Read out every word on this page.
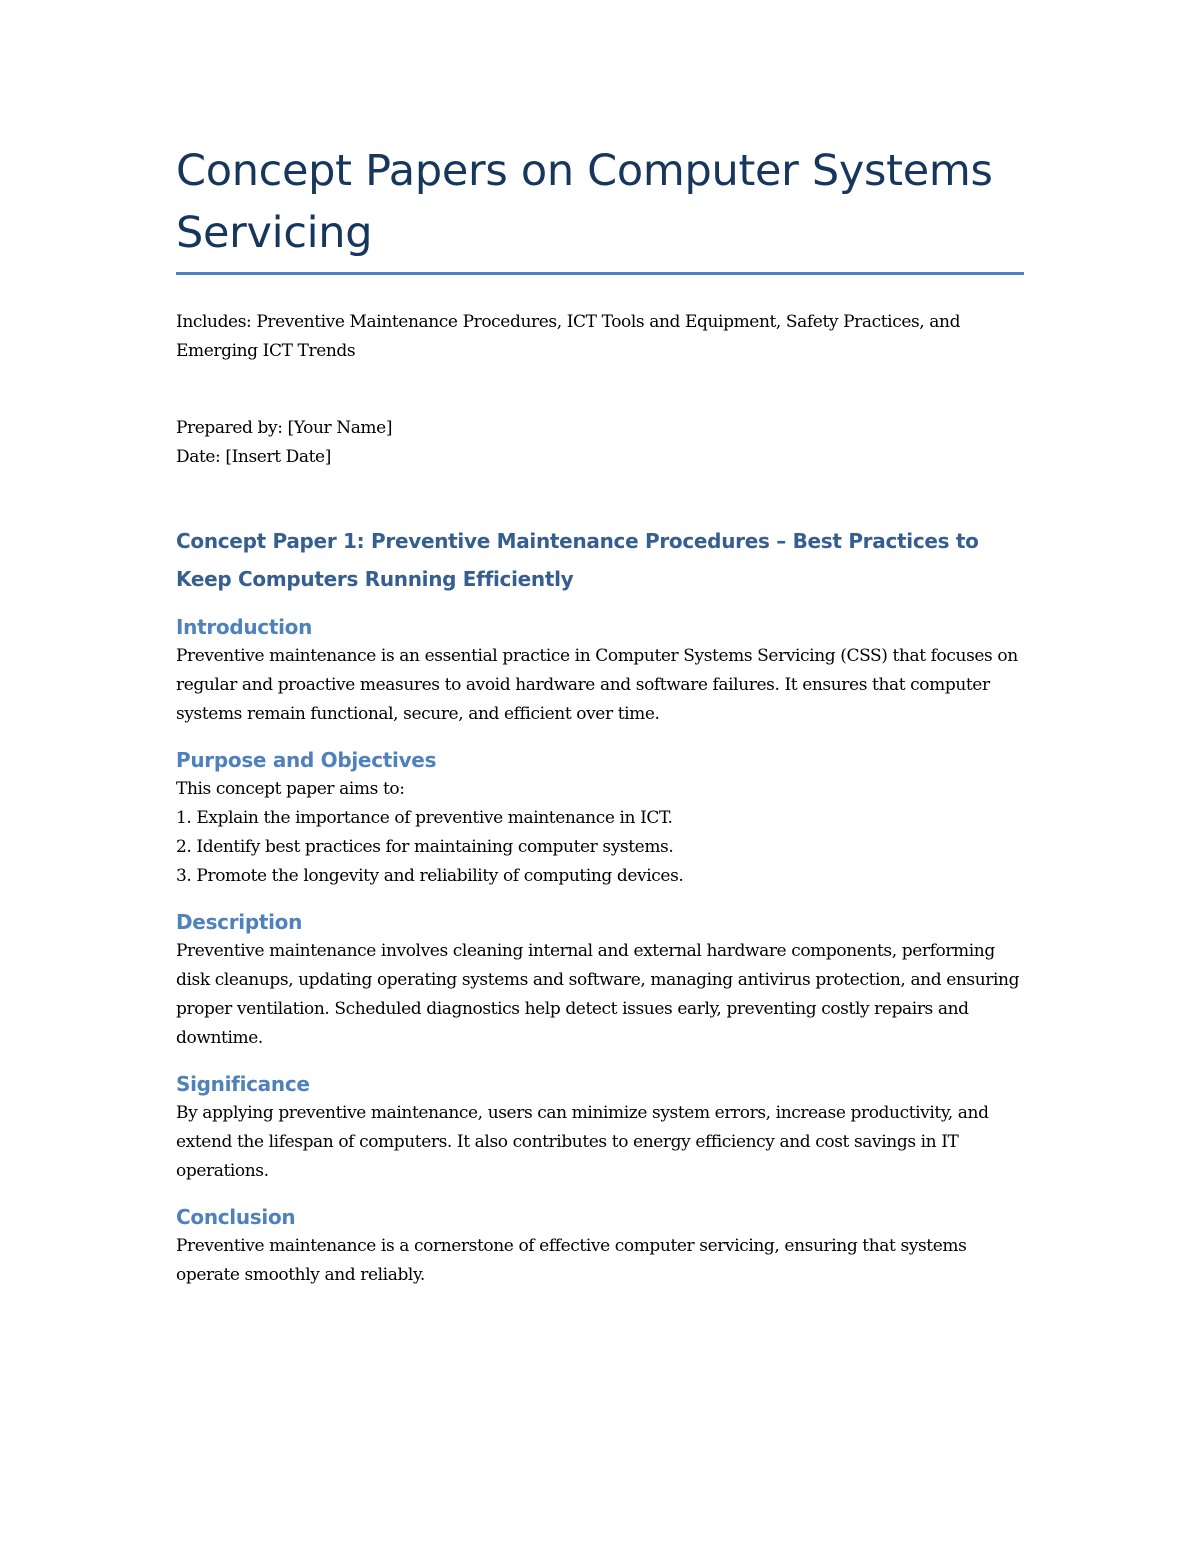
Concept Papers on Computer Systems Servicing

Includes: Preventive Maintenance Procedures, ICT Tools and Equipment, Safety Practices, and Emerging ICT Trends

Prepared by: [Your Name]

Date: [Insert Date]

Concept Paper 1: Preventive Maintenance Procedures – Best Practices to Keep Computers Running Efficiently
Introduction

Preventive maintenance is an essential practice in Computer Systems Servicing (CSS) that focuses on regular and proactive measures to avoid hardware and software failures. It ensures that computer systems remain functional, secure, and efficient over time.

Purpose and Objectives

This concept paper aims to:

1. Explain the importance of preventive maintenance in ICT.

2. Identify best practices for maintaining computer systems.

3. Promote the longevity and reliability of computing devices.

Description

Preventive maintenance involves cleaning internal and external hardware components, performing disk cleanups, updating operating systems and software, managing antivirus protection, and ensuring proper ventilation. Scheduled diagnostics help detect issues early, preventing costly repairs and downtime.

Significance

By applying preventive maintenance, users can minimize system errors, increase productivity, and extend the lifespan of computers. It also contributes to energy efficiency and cost savings in IT operations.

Conclusion

Preventive maintenance is a cornerstone of effective computer servicing, ensuring that systems operate smoothly and reliably.
